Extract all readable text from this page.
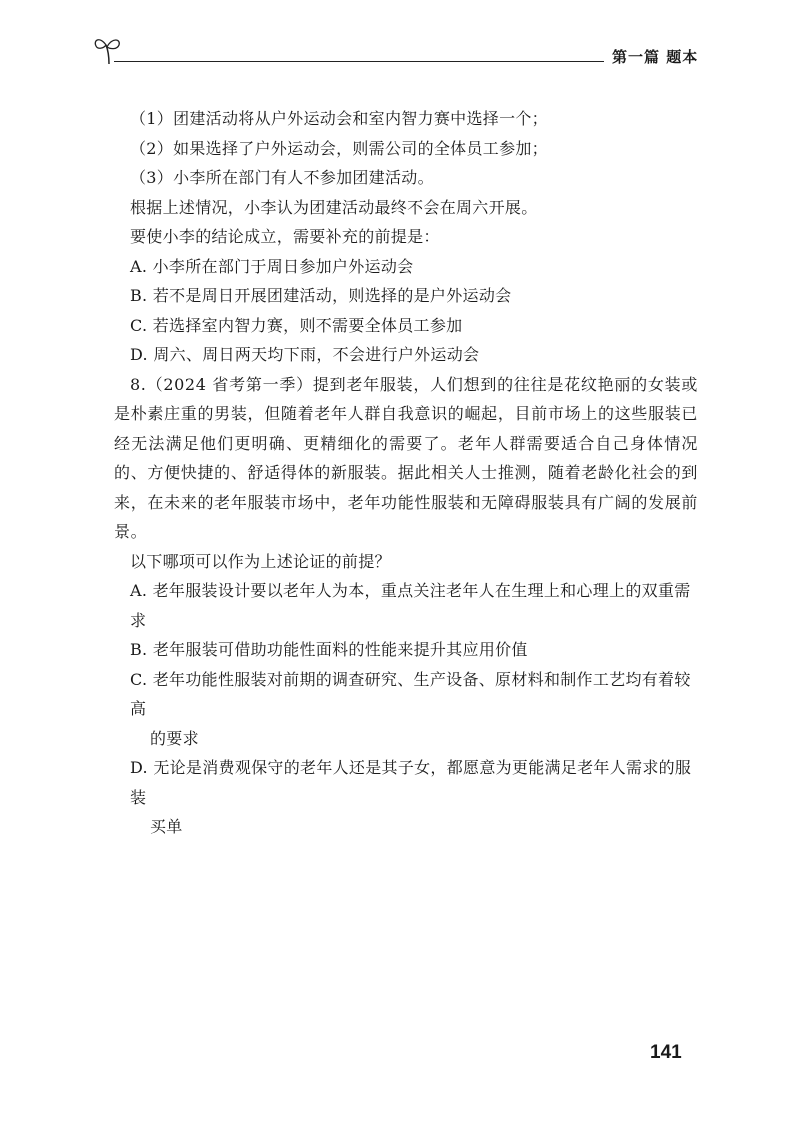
第一篇 题本
（1）团建活动将从户外运动会和室内智力赛中选择一个；
（2）如果选择了户外运动会，则需公司的全体员工参加；
（3）小李所在部门有人不参加团建活动。
根据上述情况，小李认为团建活动最终不会在周六开展。
要使小李的结论成立，需要补充的前提是：
A. 小李所在部门于周日参加户外运动会
B. 若不是周日开展团建活动，则选择的是户外运动会
C. 若选择室内智力赛，则不需要全体员工参加
D. 周六、周日两天均下雨，不会进行户外运动会
8.（2024 省考第一季）提到老年服装，人们想到的往往是花纹艳丽的女装或是朴素庄重的男装，但随着老年人群自我意识的崛起，目前市场上的这些服装已经无法满足他们更明确、更精细化的需要了。老年人群需要适合自己身体情况的、方便快捷的、舒适得体的新服装。据此相关人士推测，随着老龄化社会的到来，在未来的老年服装市场中，老年功能性服装和无障碍服装具有广阔的发展前景。
以下哪项可以作为上述论证的前提？
A. 老年服装设计要以老年人为本，重点关注老年人在生理上和心理上的双重需求
B. 老年服装可借助功能性面料的性能来提升其应用价值
C. 老年功能性服装对前期的调查研究、生产设备、原材料和制作工艺均有着较高
的要求
D. 无论是消费观保守的老年人还是其子女，都愿意为更能满足老年人需求的服装
买单
141
